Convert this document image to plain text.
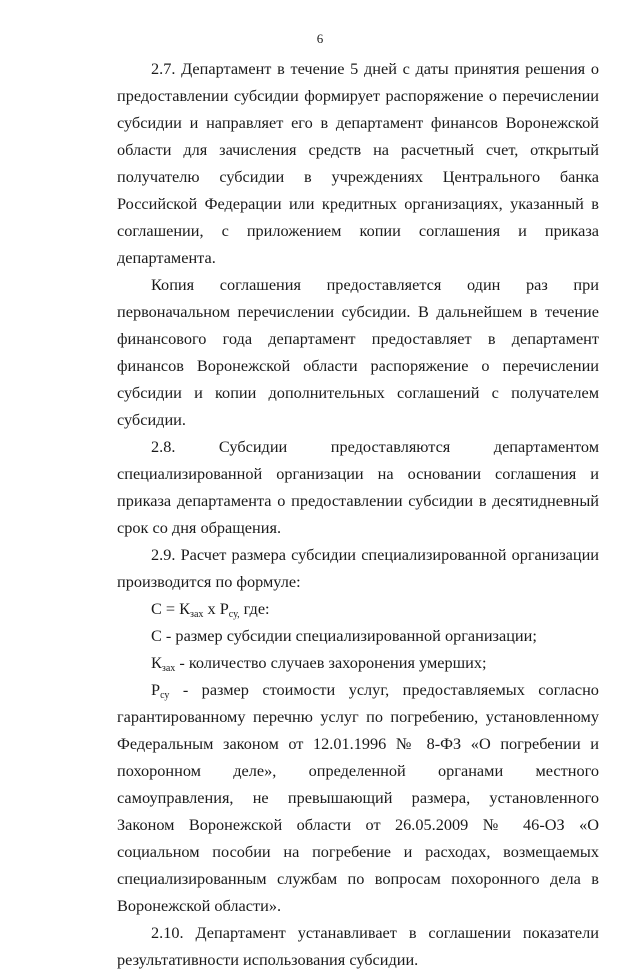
6

2.7. Департамент в течение 5 дней с даты принятия решения о предоставлении субсидии формирует распоряжение о перечислении субсидии и направляет его в департамент финансов Воронежской области для зачисления средств на расчетный счет, открытый получателю субсидии в учреждениях Центрального банка Российской Федерации или кредитных организациях, указанный в соглашении, с приложением копии соглашения и приказа департамента.

Копия соглашения предоставляется один раз при первоначальном перечислении субсидии. В дальнейшем в течение финансового года департамент предоставляет в департамент финансов Воронежской области распоряжение о перечислении субсидии и копии дополнительных соглашений с получателем субсидии.

2.8. Субсидии предоставляются департаментом специализированной организации на основании соглашения и приказа департамента о предоставлении субсидии в десятидневный срок со дня обращения.

2.9. Расчет размера субсидии специализированной организации производится по формуле:

$С = К_{зах}$ х $Р_{су,}$ где:

С - размер субсидии специализированной организации;

$К_{зах}$ - количество случаев захоронения умерших;

$Р_{су}$ - размер стоимости услуг, предоставляемых согласно

гарантированному перечню услуг по погребению, установленному Федеральным законом от 12.01.1996 № 8-ФЗ «О погребении и похоронном деле», определенной органами местного самоуправления, не превышающий размера, установленного Законом Воронежской области от 26.05.2009 № 46-ОЗ «О социальном пособии на погребение и расходах, возмещаемых специализированным службам по вопросам похоронного дела в Воронежской области».

2.10. Департамент устанавливает в соглашении показатели результативности использования субсидии.
